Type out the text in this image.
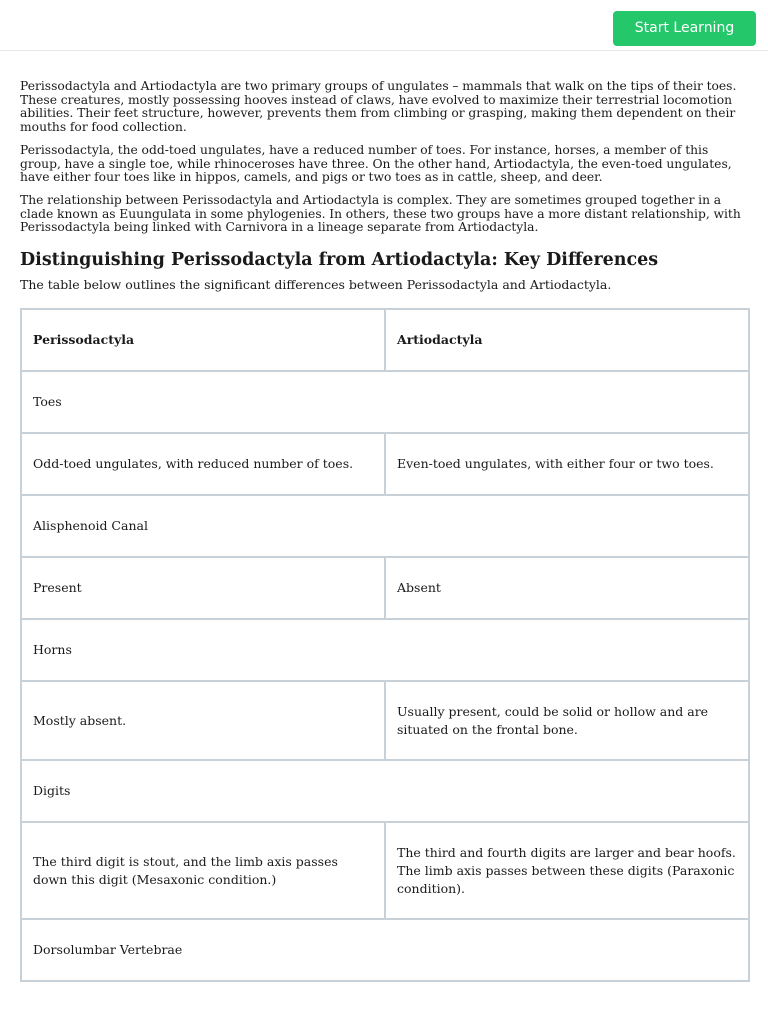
Start Learning

Perissodactyla and Artiodactyla are two primary groups of ungulates – mammals that walk on the tips of their toes. These creatures, mostly possessing hooves instead of claws, have evolved to maximize their terrestrial locomotion abilities. Their feet structure, however, prevents them from climbing or grasping, making them dependent on their mouths for food collection.

Perissodactyla, the odd-toed ungulates, have a reduced number of toes. For instance, horses, a member of this group, have a single toe, while rhinoceroses have three. On the other hand, Artiodactyla, the even-toed ungulates, have either four toes like in hippos, camels, and pigs or two toes as in cattle, sheep, and deer.

The relationship between Perissodactyla and Artiodactyla is complex. They are sometimes grouped together in a clade known as Euungulata in some phylogenies. In others, these two groups have a more distant relationship, with Perissodactyla being linked with Carnivora in a lineage separate from Artiodactyla.

Distinguishing Perissodactyla from Artiodactyla: Key Differences

The table below outlines the significant differences between Perissodactyla and Artiodactyla.

Perissodactyla	Artiodactyla
Toes	
Odd-toed ungulates, with reduced number of toes.	Even-toed ungulates, with either four or two toes.
Alisphenoid Canal	
Present	Absent
Horns	
Mostly absent.	Usually present, could be solid or hollow and are situated on the frontal bone.
Digits	
The third digit is stout, and the limb axis passes down this digit (Mesaxonic condition.)	The third and fourth digits are larger and bear hoofs. The limb axis passes between these digits (Paraxonic condition).
Dorsolumbar Vertebrae	
